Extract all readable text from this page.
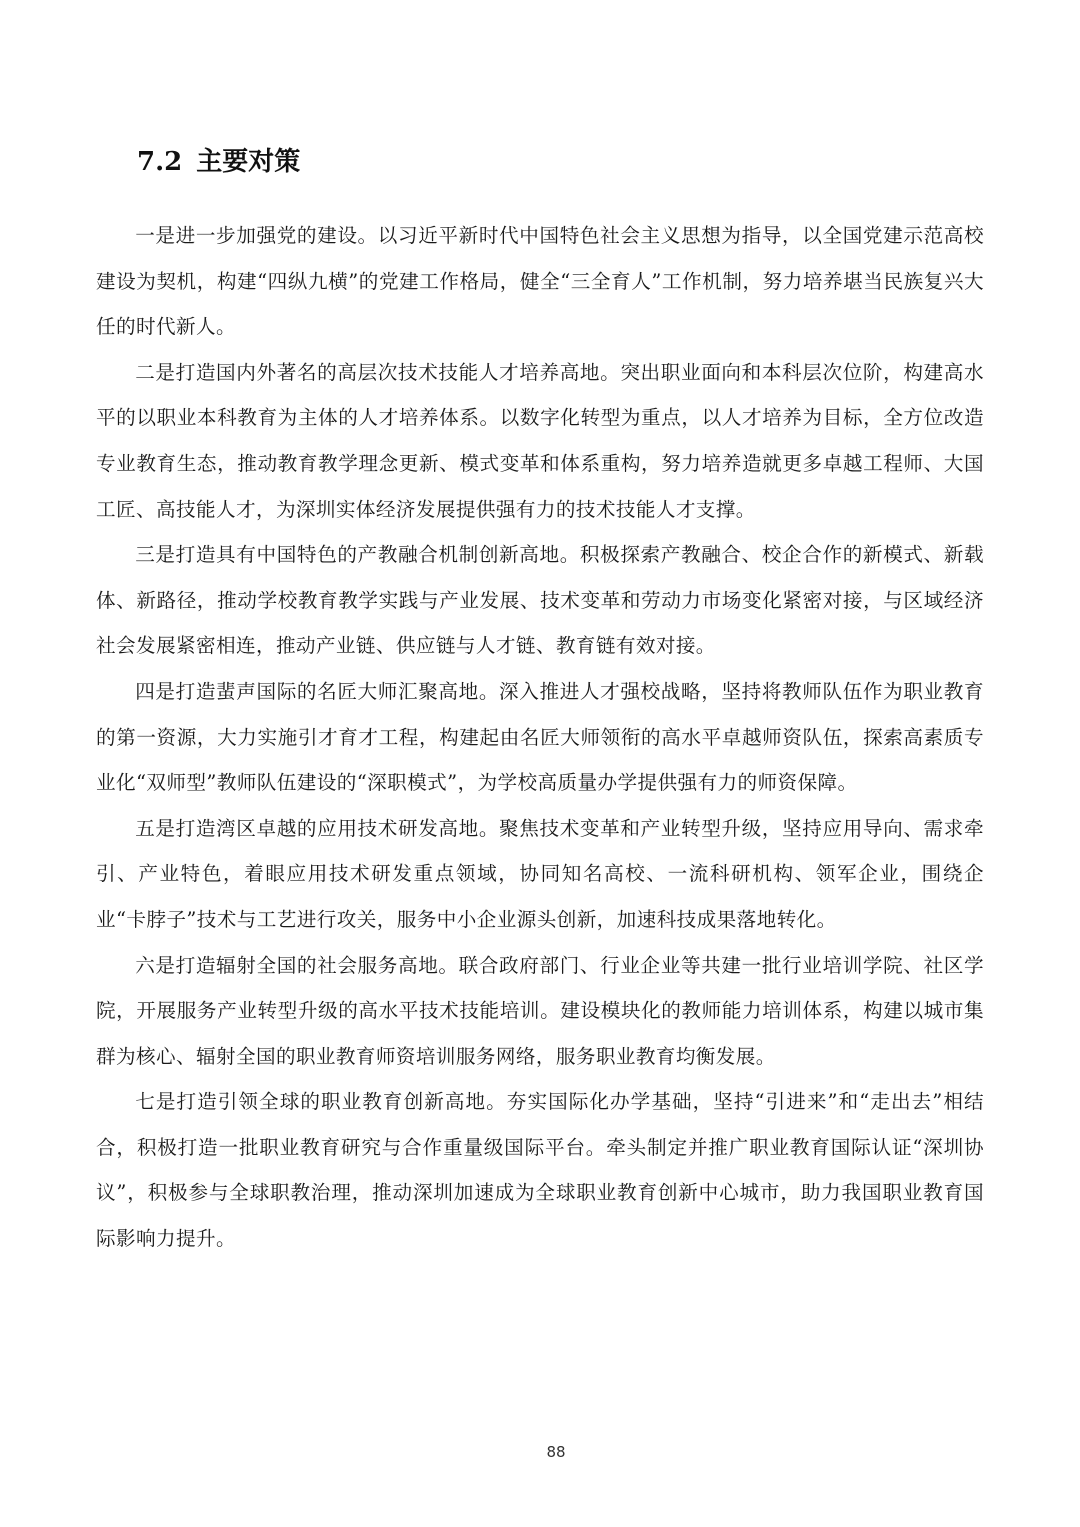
7.2 主要对策

一是进一步加强党的建设。以习近平新时代中国特色社会主义思想为指导，以全国党建示范高校建设为契机，构建“四纵九横”的党建工作格局，健全“三全育人”工作机制，努力培养堪当民族复兴大任的时代新人。

二是打造国内外著名的高层次技术技能人才培养高地。突出职业面向和本科层次位阶，构建高水平的以职业本科教育为主体的人才培养体系。以数字化转型为重点，以人才培养为目标，全方位改造专业教育生态，推动教育教学理念更新、模式变革和体系重构，努力培养造就更多卓越工程师、大国工匠、高技能人才，为深圳实体经济发展提供强有力的技术技能人才支撑。

三是打造具有中国特色的产教融合机制创新高地。积极探索产教融合、校企合作的新模式、新载体、新路径，推动学校教育教学实践与产业发展、技术变革和劳动力市场变化紧密对接，与区域经济社会发展紧密相连，推动产业链、供应链与人才链、教育链有效对接。

四是打造蜚声国际的名匠大师汇聚高地。深入推进人才强校战略，坚持将教师队伍作为职业教育的第一资源，大力实施引才育才工程，构建起由名匠大师领衔的高水平卓越师资队伍，探索高素质专业化“双师型”教师队伍建设的“深职模式”，为学校高质量办学提供强有力的师资保障。

五是打造湾区卓越的应用技术研发高地。聚焦技术变革和产业转型升级，坚持应用导向、需求牵引、产业特色，着眼应用技术研发重点领域，协同知名高校、一流科研机构、领军企业，围绕企业“卡脖子”技术与工艺进行攻关，服务中小企业源头创新，加速科技成果落地转化。

六是打造辐射全国的社会服务高地。联合政府部门、行业企业等共建一批行业培训学院、社区学院，开展服务产业转型升级的高水平技术技能培训。建设模块化的教师能力培训体系，构建以城市集群为核心、辐射全国的职业教育师资培训服务网络，服务职业教育均衡发展。

七是打造引领全球的职业教育创新高地。夯实国际化办学基础，坚持“引进来”和“走出去”相结合，积极打造一批职业教育研究与合作重量级国际平台。牵头制定并推广职业教育国际认证“深圳协议”，积极参与全球职教治理，推动深圳加速成为全球职业教育创新中心城市，助力我国职业教育国际影响力提升。

88
